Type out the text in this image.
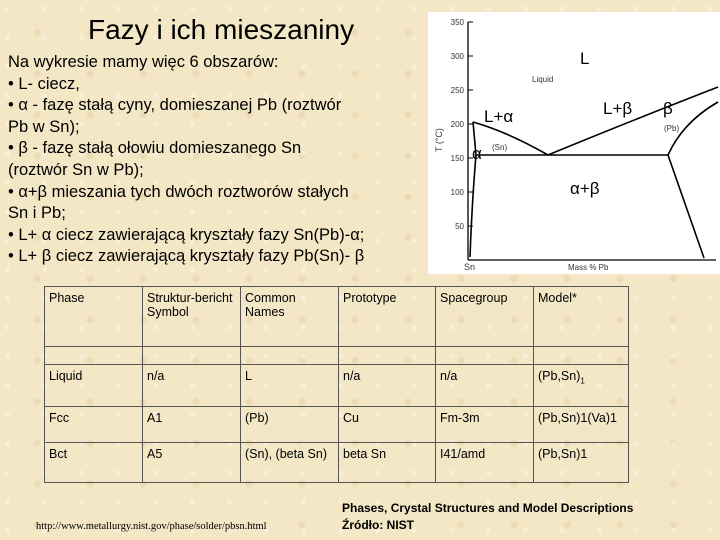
Fazy i ich mieszaniny
Na wykresie mamy więc 6 obszarów:
• L- ciecz,
• α - fazę stałą cyny, domieszanej Pb (roztwór
Pb w Sn);
• β - fazę stałą ołowiu domieszanego Sn
(roztwór Sn w Pb);
• α+β mieszania tych dwóch roztworów stałych
Sn i Pb;
• L+ α ciecz zawierającą kryształy fazy Sn(Pb)-α;
• L+ β ciecz zawierającą kryształy fazy Pb(Sn)- β
350
300
250
200
150
100
50
T (°C)
Sn	Mass % Pb
Liquid
(Sn)
(Pb)
L
L+α	L+β β
α
α+β
Phase	Struktur-bericht Symbol	Common Names	Prototype	Spacegroup	Model*

Liquid	n/a	L	n/a	n/a	$(Pb,Sn)_1$
Fcc	A1	(Pb)	Cu	Fm-3m	(Pb,Sn)1(Va)1
Bct	A5	(Sn), (beta Sn)	beta Sn	I41/amd	(Pb,Sn)1
http://www.metallurgy.nist.gov/phase/solder/pbsn.html
Phases, Crystal Structures and Model Descriptions
Źródło: NIST
